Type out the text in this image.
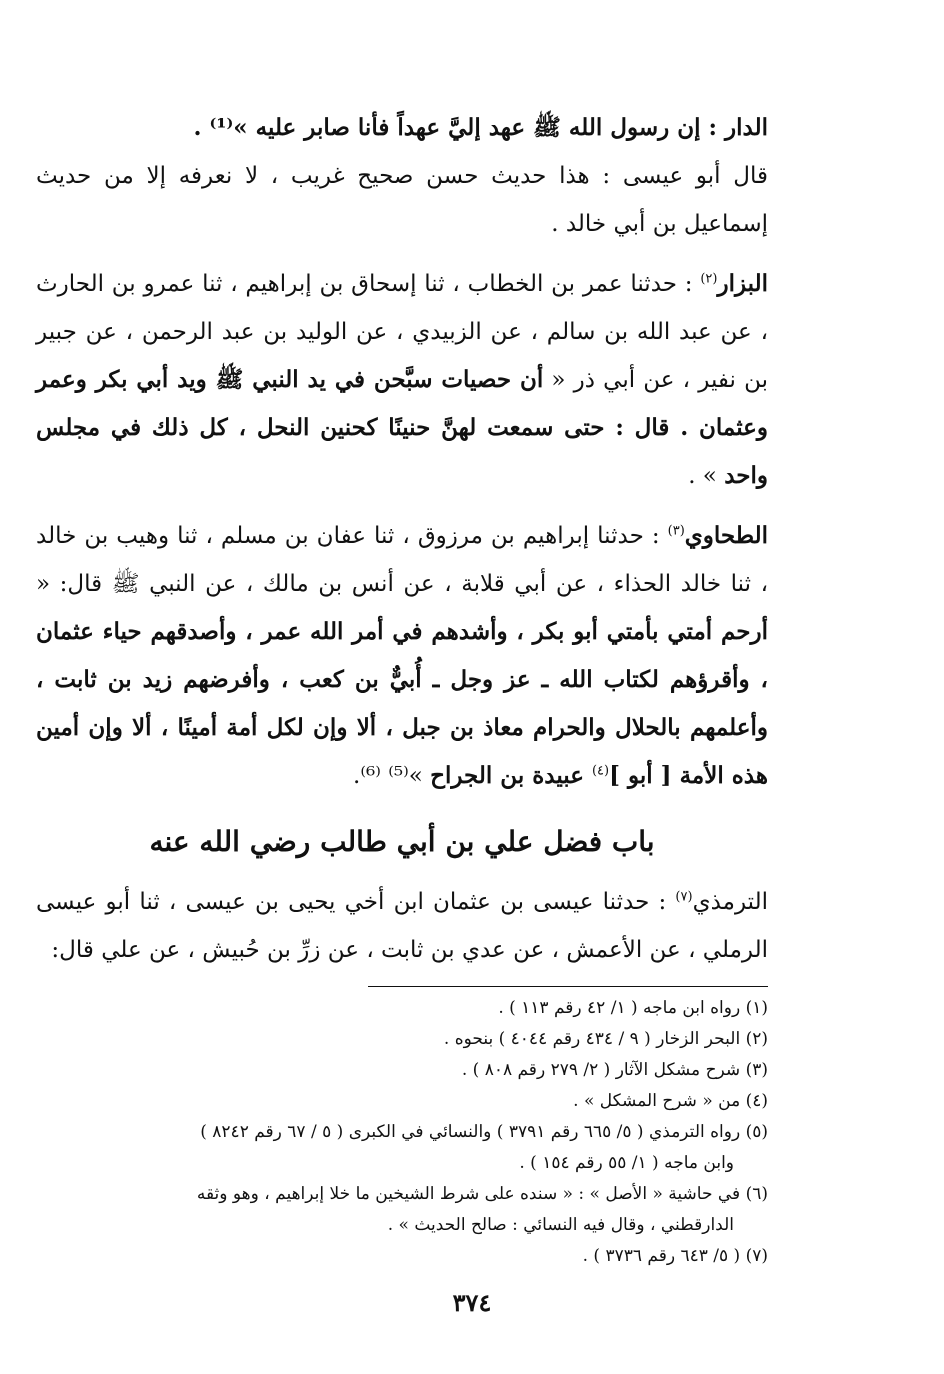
الدار : إن رسول الله ﷺ عهد إليَّ عهداً فأنا صابر عليه »⁽¹⁾ .

قال أبو عيسى : هذا حديث حسن صحيح غريب ، لا نعرفه إلا من حديث إسماعيل بن أبي خالد .

البزار$^{(٢)}$ : حدثنا عمر بن الخطاب ، ثنا إسحاق بن إبراهيم ، ثنا عمرو بن الحارث ، عن عبد الله بن سالم ، عن الزبيدي ، عن الوليد بن عبد الرحمن ، عن جبير بن نفير ، عن أبي ذر « أن حصيات سبَّحن في يد النبي ﷺ ويد أبي بكر وعمر وعثمان . قال : حتى سمعت لهنَّ حنينًا كحنين النحل ، كل ذلك في مجلس واحد » .

الطحاوي$^{(٣)}$ : حدثنا إبراهيم بن مرزوق ، ثنا عفان بن مسلم ، ثنا وهيب بن خالد ، ثنا خالد الحذاء ، عن أبي قلابة ، عن أنس بن مالك ، عن النبي ﷺ قال: « أرحم أمتي بأمتي أبو بكر ، وأشدهم في أمر الله عمر ، وأصدقهم حياء عثمان ، وأقرؤهم لكتاب الله ـ عز وجل ـ أُبيٌّ بن كعب ، وأفرضهم زيد بن ثابت ، وأعلمهم بالحلال والحرام معاذ بن جبل ، ألا وإن لكل أمة أمينًا ، ألا وإن أمين هذه الأمة [ أبو ]$^{(٤)}$ عبيدة بن الجراح »⁽⁵⁾ ⁽⁶⁾.

باب فضل علي بن أبي طالب رضي الله عنه

الترمذي$^{(٧)}$ : حدثنا عيسى بن عثمان ابن أخي يحيى بن عيسى ، ثنا أبو عيسى الرملي ، عن الأعمش ، عن عدي بن ثابت ، عن زرِّ بن حُبيش ، عن علي قال:

(١) رواه ابن ماجه ( ١/ ٤٢ رقم ١١٣ ) .

(٢) البحر الزخار ( ٩ / ٤٣٤ رقم ٤٠٤٤ ) بنحوه .

(٣) شرح مشكل الآثار ( ٢/ ٢٧٩ رقم ٨٠٨ ) .

(٤) من « شرح المشكل » .

(٥) رواه الترمذي ( ٥/ ٦٦٥ رقم ٣٧٩١ ) والنسائي في الكبرى ( ٥ / ٦٧ رقم ٨٢٤٢ )

وابن ماجه ( ١/ ٥٥ رقم ١٥٤ ) .

(٦) في حاشية « الأصل » : « سنده على شرط الشيخين ما خلا إبراهيم ، وهو وثقه

الدارقطني ، وقال فيه النسائي : صالح الحديث » .

(٧) ( ٥/ ٦٤٣ رقم ٣٧٣٦ ) .

٣٧٤
